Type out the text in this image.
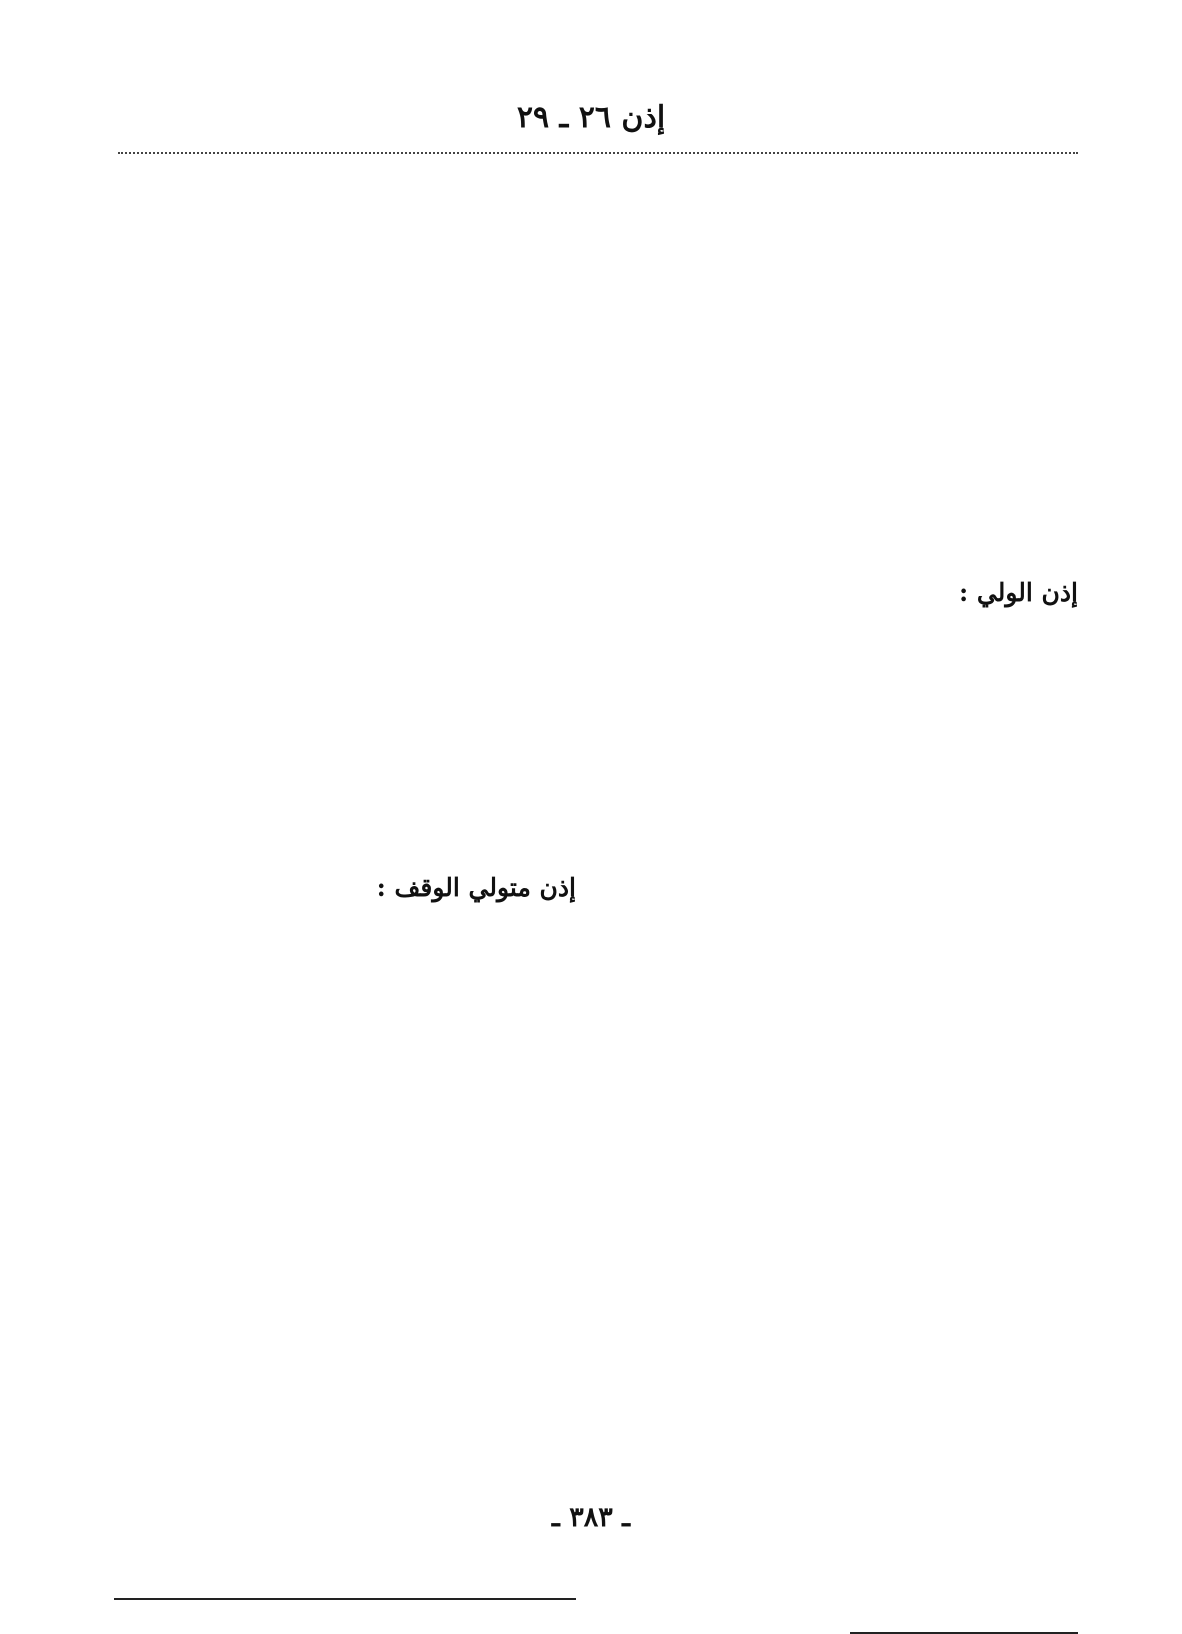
إذن ٢٦ ـ ٢٩
إذن الولي :
إذن متولي الوقف :
ـ ٣٨٣ ـ
